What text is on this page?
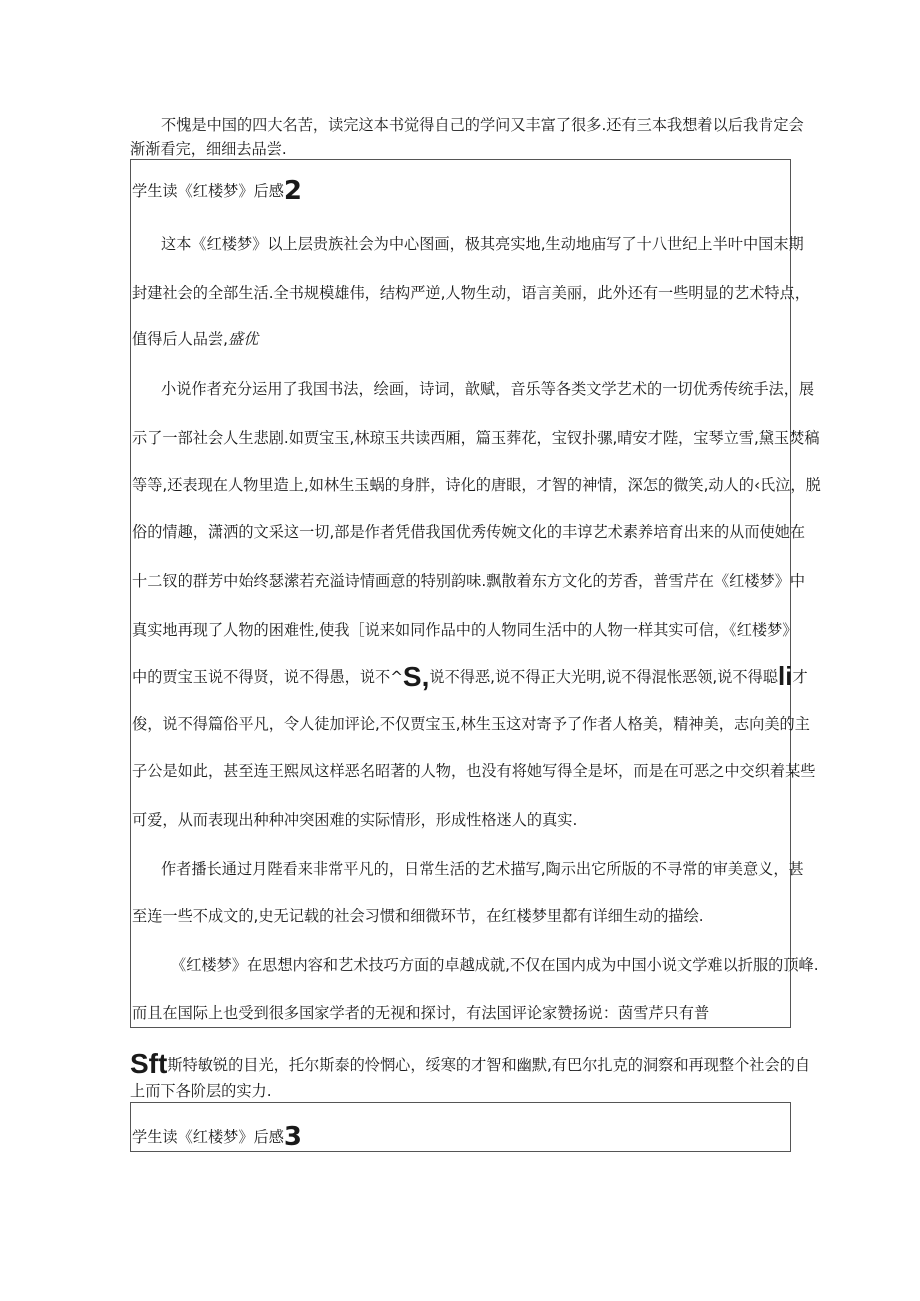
不愧是中国的四大名苦，读完这本书觉得自己的学问又丰富了很多.还有三本我想着以后我肯定会
渐渐看完，细细去品尝.
学生读《红楼梦》后感2
这本《红楼梦》以上层贵族社会为中心图画，极其亮实地,生动地庙写了十八世纪上半叶中国末期
封建社会的全部生活.全书规模雄伟，结构严逆,人物生动，语言美丽，此外还有一些明显的艺术特点，
值得后人品尝,盛优
小说作者充分运用了我国书法，绘画，诗词，歆赋，音乐等各类文学艺术的一切优秀传统手法，展
示了一部社会人生悲剧.如贾宝玉,林琼玉共读西厢，篇玉葬花，宝钗扑骡,晴安才陛，宝琴立雪,黛玉焚稿
等等,还表现在人物里造上,如林生玉蜗的身胖，诗化的唐眼，才智的神情，深怎的微笑,动人的‹氏泣，脱
俗的情趣，潇洒的文采这一切,部是作者凭借我国优秀传婉文化的丰谆艺术素养培育出来的从而使她在
十二钗的群芳中始终瑟潆若充溢诗情画意的特别韵味.飘散着东方文化的芳香，普雪芹在《红楼梦》中
真实地再现了人物的困难性,使我［说来如同作品中的人物同生活中的人物一样其实可信，《红楼梦》
中的贾宝玉说不得贤，说不得愚，说不^S,说不得恶,说不得正大光明,说不得混怅恶领,说不得聪li才
俊，说不得篇俗平凡，令人徒加评论,不仅贾宝玉,林生玉这对寄予了作者人格美，精神美，志向美的主
子公是如此，甚至连王熙凤这样恶名昭著的人物，也没有将她写得全是坏，而是在可恶之中交织着某些
可爱，从而表现出种种冲突困难的实际情形，形成性格迷人的真实.
作者播长通过月陛看来非常平凡的，日常生活的艺术描写,陶示出它所版的不寻常的审美意义，甚
至连一些不成文的,史无记载的社会习惯和细微环节，在红楼梦里都有详细生动的描绘.
《红楼梦》在思想内容和艺术技巧方面的卓越成就,不仅在国内成为中国小说文学难以折服的顶峰.
而且在国际上也受到很多国家学者的无视和探讨，有法国评论家赞扬说：茵雪芹只有普
Sft斯特敏锐的目光，托尔斯泰的怜惘心，绥寒的才智和幽默,有巴尔扎克的洞察和再现整个社会的自
上而下各阶层的实力.
学生读《红楼梦》后感3
